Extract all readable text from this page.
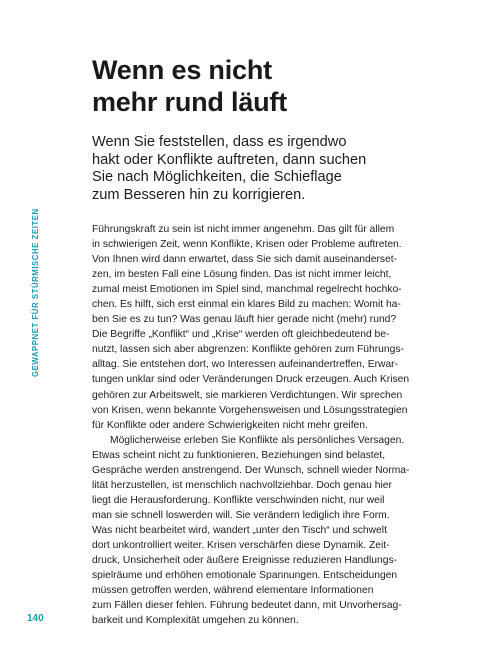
GEWAPPNET FÜR STÜRMISCHE ZEITEN
Wenn es nicht
mehr rund läuft

Wenn Sie feststellen, dass es irgendwo
hakt oder Konflikte auftreten, dann suchen
Sie nach Möglichkeiten, die Schieflage
zum Besseren hin zu korrigieren.

Führungskraft zu sein ist nicht immer angenehm. Das gilt für allem
in schwierigen Zeit, wenn Konflikte, Krisen oder Probleme auftreten.
Von Ihnen wird dann erwartet, dass Sie sich damit auseinanderset-
zen, im besten Fall eine Lösung finden. Das ist nicht immer leicht,
zumal meist Emotionen im Spiel sind, manchmal regelrecht hochko-
chen. Es hilft, sich erst einmal ein klares Bild zu machen: Womit ha-
ben Sie es zu tun? Was genau läuft hier gerade nicht (mehr) rund?
Die Begriffe „Konflikt“ und „Krise“ werden oft gleichbedeutend be-
nutzt, lassen sich aber abgrenzen: Konflikte gehören zum Führungs-
alltag. Sie entstehen dort, wo Interessen aufeinandertreffen, Erwar-
tungen unklar sind oder Veränderungen Druck erzeugen. Auch Krisen
gehören zur Arbeitswelt, sie markieren Verdichtungen. Wir sprechen
von Krisen, wenn bekannte Vorgehensweisen und Lösungsstrategien
für Konflikte oder andere Schwierigkeiten nicht mehr greifen.
Möglicherweise erleben Sie Konflikte als persönliches Versagen.
Etwas scheint nicht zu funktionieren, Beziehungen sind belastet,
Gespräche werden anstrengend. Der Wunsch, schnell wieder Norma-
lität herzustellen, ist menschlich nachvollziehbar. Doch genau hier
liegt die Herausforderung. Konflikte verschwinden nicht, nur weil
man sie schnell loswerden will. Sie verändern lediglich ihre Form.
Was nicht bearbeitet wird, wandert „unter den Tisch“ und schwelt
dort unkontrolliert weiter. Krisen verschärfen diese Dynamik. Zeit-
druck, Unsicherheit oder äußere Ereignisse reduzieren Handlungs-
spielräume und erhöhen emotionale Spannungen. Entscheidungen
müssen getroffen werden, während elementare Informationen
zum Fällen dieser fehlen. Führung bedeutet dann, mit Unvorhersag-
barkeit und Komplexität umgehen zu können.
140
